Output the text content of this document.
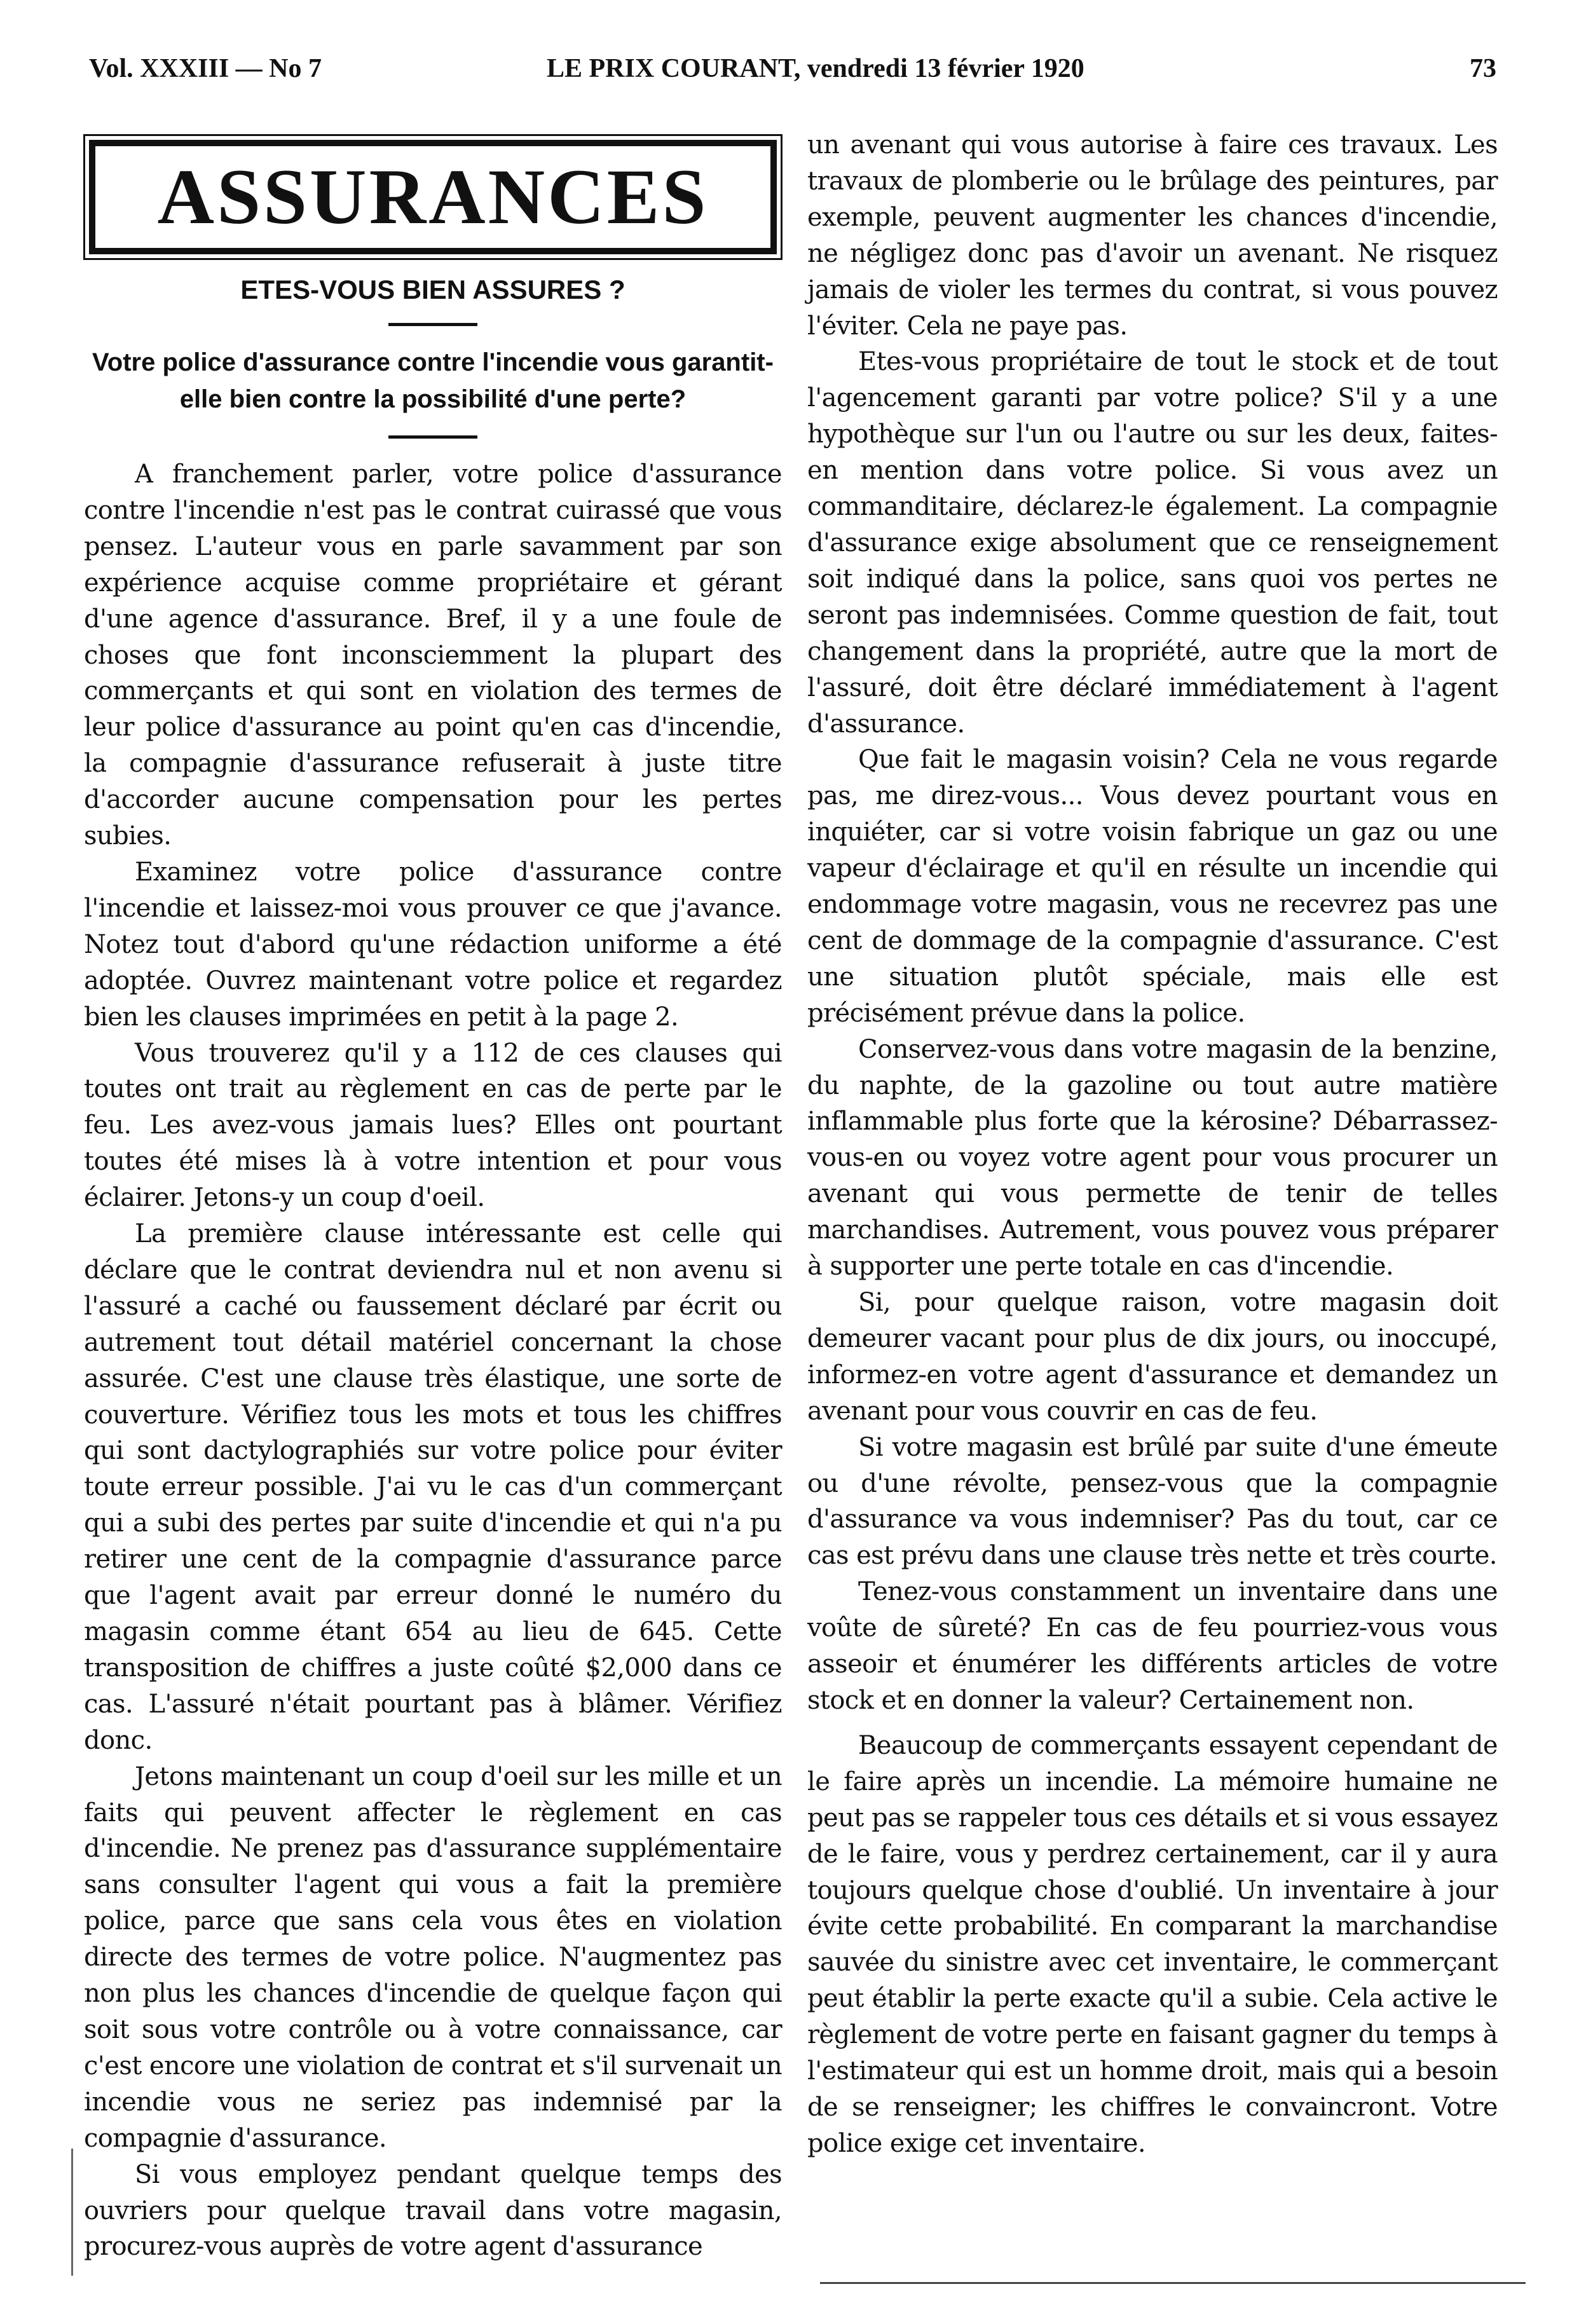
Vol. XXXIII — No 7	LE PRIX COURANT, vendredi 13 février 1920	73
ASSURANCES
ETES-VOUS BIEN ASSURES ?
Votre police d'assurance contre l'incendie vous garantit-elle bien contre la possibilité d'une perte?

A franchement parler, votre police d'assurance contre l'incendie n'est pas le contrat cuirassé que vous pensez. L'auteur vous en parle savamment par son expérience acquise comme propriétaire et gérant d'une agence d'assurance. Bref, il y a une foule de choses que font inconsciemment la plupart des commerçants et qui sont en violation des termes de leur police d'assurance au point qu'en cas d'incendie, la compagnie d'assurance refuserait à juste titre d'accorder aucune compensation pour les pertes subies.

Examinez votre police d'assurance contre l'incendie et laissez-moi vous prouver ce que j'avance. Notez tout d'abord qu'une rédaction uniforme a été adoptée. Ouvrez maintenant votre police et regardez bien les clauses imprimées en petit à la page 2.

Vous trouverez qu'il y a 112 de ces clauses qui toutes ont trait au règlement en cas de perte par le feu. Les avez-vous jamais lues? Elles ont pourtant toutes été mises là à votre intention et pour vous éclairer. Jetons-y un coup d'oeil.

La première clause intéressante est celle qui déclare que le contrat deviendra nul et non avenu si l'assuré a caché ou faussement déclaré par écrit ou autrement tout détail matériel concernant la chose assurée. C'est une clause très élastique, une sorte de couverture. Vérifiez tous les mots et tous les chiffres qui sont dactylographiés sur votre police pour éviter toute erreur possible. J'ai vu le cas d'un commerçant qui a subi des pertes par suite d'incendie et qui n'a pu retirer une cent de la compagnie d'assurance parce que l'agent avait par erreur donné le numéro du magasin comme étant 654 au lieu de 645. Cette transposition de chiffres a juste coûté $2,000 dans ce cas. L'assuré n'était pourtant pas à blâmer. Vérifiez donc.

Jetons maintenant un coup d'oeil sur les mille et un faits qui peuvent affecter le règlement en cas d'incendie. Ne prenez pas d'assurance supplémentaire sans consulter l'agent qui vous a fait la première police, parce que sans cela vous êtes en violation directe des termes de votre police. N'augmentez pas non plus les chances d'incendie de quelque façon qui soit sous votre contrôle ou à votre connaissance, car c'est encore une violation de contrat et s'il survenait un incendie vous ne seriez pas indemnisé par la compagnie d'assurance.

Si vous employez pendant quelque temps des ouvriers pour quelque travail dans votre magasin, procurez-vous auprès de votre agent d'assurance

un avenant qui vous autorise à faire ces travaux. Les travaux de plomberie ou le brûlage des peintures, par exemple, peuvent augmenter les chances d'incendie, ne négligez donc pas d'avoir un avenant. Ne risquez jamais de violer les termes du contrat, si vous pouvez l'éviter. Cela ne paye pas.

Etes-vous propriétaire de tout le stock et de tout l'agencement garanti par votre police? S'il y a une hypothèque sur l'un ou l'autre ou sur les deux, faites-en mention dans votre police. Si vous avez un commanditaire, déclarez-le également. La compagnie d'assurance exige absolument que ce renseignement soit indiqué dans la police, sans quoi vos pertes ne seront pas indemnisées. Comme question de fait, tout changement dans la propriété, autre que la mort de l'assuré, doit être déclaré immédiatement à l'agent d'assurance.

Que fait le magasin voisin? Cela ne vous regarde pas, me direz-vous... Vous devez pourtant vous en inquiéter, car si votre voisin fabrique un gaz ou une vapeur d'éclairage et qu'il en résulte un incendie qui endommage votre magasin, vous ne recevrez pas une cent de dommage de la compagnie d'assurance. C'est une situation plutôt spéciale, mais elle est précisément prévue dans la police.

Conservez-vous dans votre magasin de la benzine, du naphte, de la gazoline ou tout autre matière inflammable plus forte que la kérosine? Débarrassez-vous-en ou voyez votre agent pour vous procurer un avenant qui vous permette de tenir de telles marchandises. Autrement, vous pouvez vous préparer à supporter une perte totale en cas d'incendie.

Si, pour quelque raison, votre magasin doit demeurer vacant pour plus de dix jours, ou inoccupé, informez-en votre agent d'assurance et demandez un avenant pour vous couvrir en cas de feu.

Si votre magasin est brûlé par suite d'une émeute ou d'une révolte, pensez-vous que la compagnie d'assurance va vous indemniser? Pas du tout, car ce cas est prévu dans une clause très nette et très courte.

Tenez-vous constamment un inventaire dans une voûte de sûreté? En cas de feu pourriez-vous vous asseoir et énumérer les différents articles de votre stock et en donner la valeur? Certainement non.

Beaucoup de commerçants essayent cependant de le faire après un incendie. La mémoire humaine ne peut pas se rappeler tous ces détails et si vous essayez de le faire, vous y perdrez certainement, car il y aura toujours quelque chose d'oublié. Un inventaire à jour évite cette probabilité. En comparant la marchandise sauvée du sinistre avec cet inventaire, le commerçant peut établir la perte exacte qu'il a subie. Cela active le règlement de votre perte en faisant gagner du temps à l'estimateur qui est un homme droit, mais qui a besoin de se renseigner; les chiffres le convaincront. Votre police exige cet inventaire.
